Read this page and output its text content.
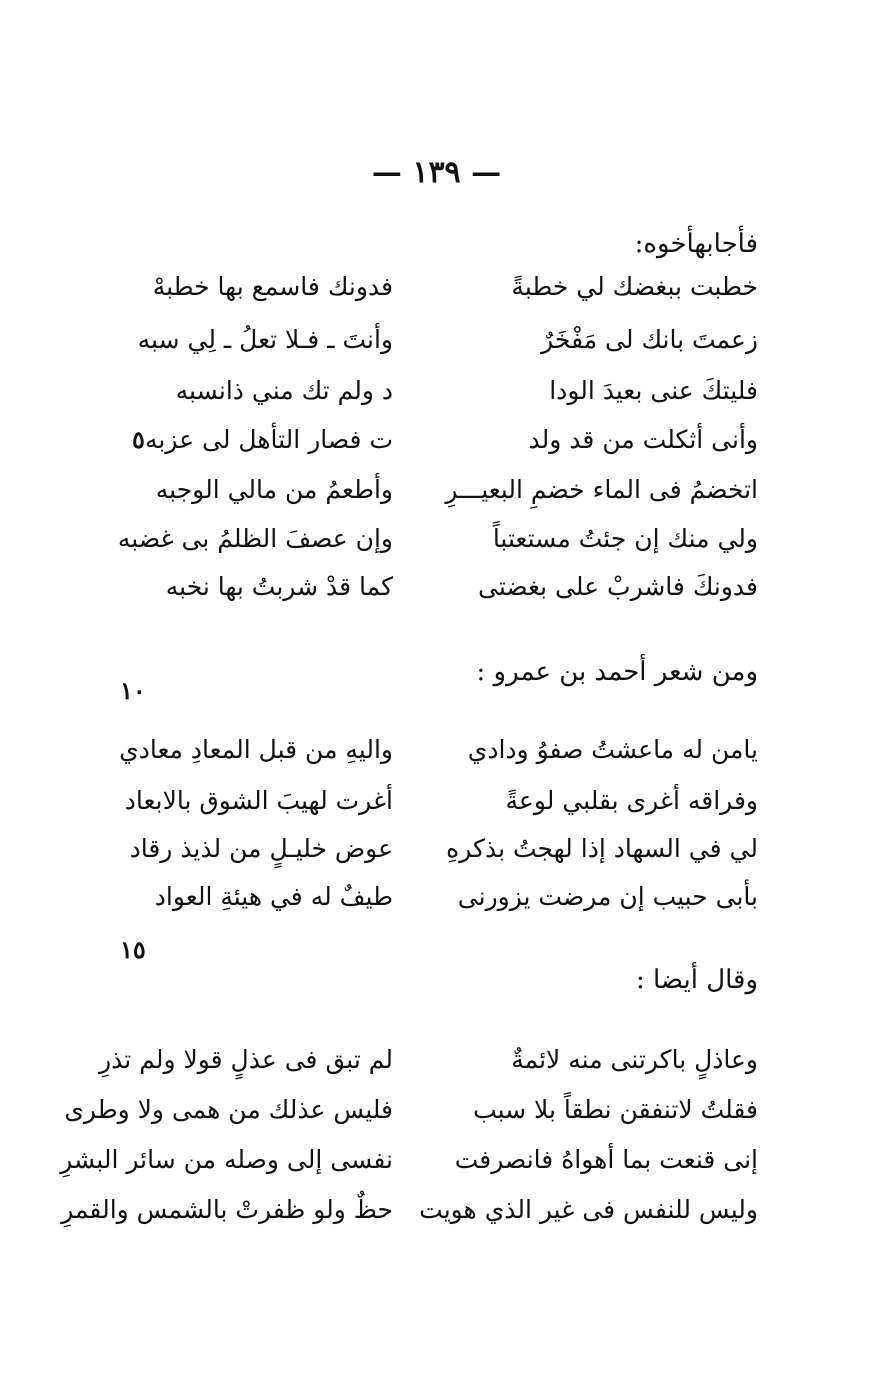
— ١٣٩ —
فأجابهأخوه:
خطبت ببغضك لي خطبةً
فدونك فاسمع بها خطبهْ
زعمتَ بانك لى مَفْخَرٌ
وأنتَ ـ فـلا تعلُ ـ لِي سبه
فليتكَ عنى بعيدَ الودا
د ولم تك مني ذانسبه
وأنى أثكلت من قد ولد
ت فصار التأهل لى عزبه
اتخضمُ فى الماء خضمِ البعيـــرِ
وأطعمُ من مالي الوجبه
ولي منك إن جئتُ مستعتباً
وإن عصفَ الظلمُ بى غضبه
فدونكَ فاشربْ على بغضتى
كما قدْ شربتُ بها نخبه
ومن شعر أحمد بن عمرو :
يامن له ماعشتُ صفوُ ودادي
واليهِ من قبل المعادِ معادي
وفراقه أغرى بقلبي لوعةً
أغرت لهيبَ الشوق بالابعاد
لي في السهاد إذا لهجتُ بذكرهِ
عوض خليـلٍ من لذيذ رقاد
بأبى حبيب إن مرضت يزورنى
طيفٌ له في هيئةِ العواد
وقال أيضا :
وعاذلٍ باكرتنى منه لائمةٌ
لم تبق فى عذلٍ قولا ولم تذرِ
فقلتُ لاتنفقن نطقاً بلا سبب
فليس عذلك من همى ولا وطرى
إنى قنعت بما أهواهُ فانصرفت
نفسى إلى وصله من سائر البشرِ
وليس للنفس فى غير الذي هويت
حظٌ ولو ظفرتْ بالشمس والقمرِ
٥
١٠
١٥
